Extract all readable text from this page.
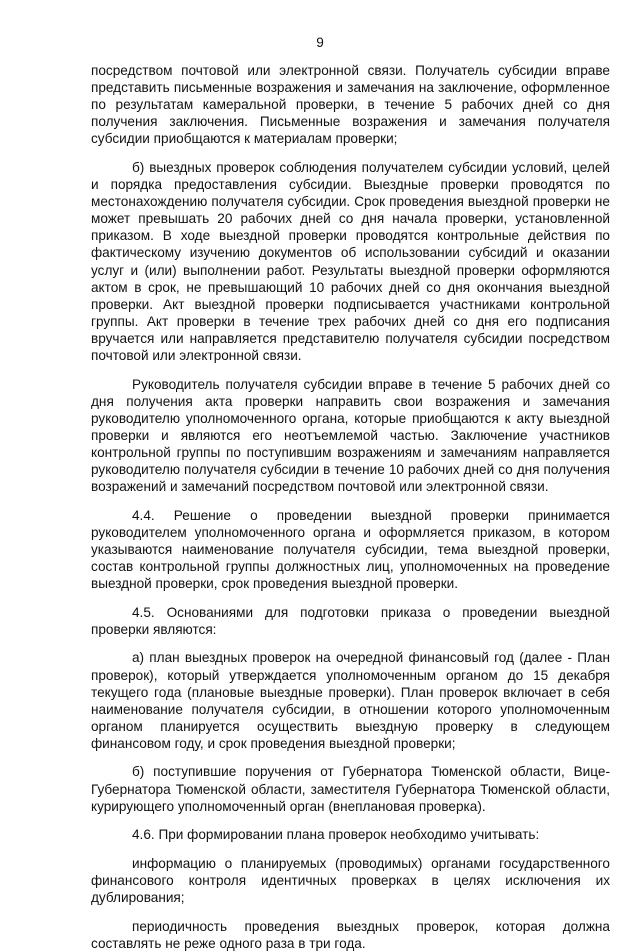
9

посредством почтовой или электронной связи. Получатель субсидии вправе представить письменные возражения и замечания на заключение, оформленное по результатам камеральной проверки, в течение 5 рабочих дней со дня получения заключения. Письменные возражения и замечания получателя субсидии приобщаются к материалам проверки;

б) выездных проверок соблюдения получателем субсидии условий, целей и порядка предоставления субсидии. Выездные проверки проводятся по местонахождению получателя субсидии. Срок проведения выездной проверки не может превышать 20 рабочих дней со дня начала проверки, установленной приказом. В ходе выездной проверки проводятся контрольные действия по фактическому изучению документов об использовании субсидий и оказании услуг и (или) выполнении работ. Результаты выездной проверки оформляются актом в срок, не превышающий 10 рабочих дней со дня окончания выездной проверки. Акт выездной проверки подписывается участниками контрольной группы. Акт проверки в течение трех рабочих дней со дня его подписания вручается или направляется представителю получателя субсидии посредством почтовой или электронной связи.

Руководитель получателя субсидии вправе в течение 5 рабочих дней со дня получения акта проверки направить свои возражения и замечания руководителю уполномоченного органа, которые приобщаются к акту выездной проверки и являются его неотъемлемой частью. Заключение участников контрольной группы по поступившим возражениям и замечаниям направляется руководителю получателя субсидии в течение 10 рабочих дней со дня получения возражений и замечаний посредством почтовой или электронной связи.

4.4. Решение о проведении выездной проверки принимается руководителем уполномоченного органа и оформляется приказом, в котором указываются наименование получателя субсидии, тема выездной проверки, состав контрольной группы должностных лиц, уполномоченных на проведение выездной проверки, срок проведения выездной проверки.

4.5. Основаниями для подготовки приказа о проведении выездной проверки являются:

а) план выездных проверок на очередной финансовый год (далее - План проверок), который утверждается уполномоченным органом до 15 декабря текущего года (плановые выездные проверки). План проверок включает в себя наименование получателя субсидии, в отношении которого уполномоченным органом планируется осуществить выездную проверку в следующем финансовом году, и срок проведения выездной проверки;

б) поступившие поручения от Губернатора Тюменской области, Вице-Губернатора Тюменской области, заместителя Губернатора Тюменской области, курирующего уполномоченный орган (внеплановая проверка).

4.6. При формировании плана проверок необходимо учитывать:

информацию о планируемых (проводимых) органами государственного финансового контроля идентичных проверках в целях исключения их дублирования;

периодичность проведения выездных проверок, которая должна составлять не реже одного раза в три года.
